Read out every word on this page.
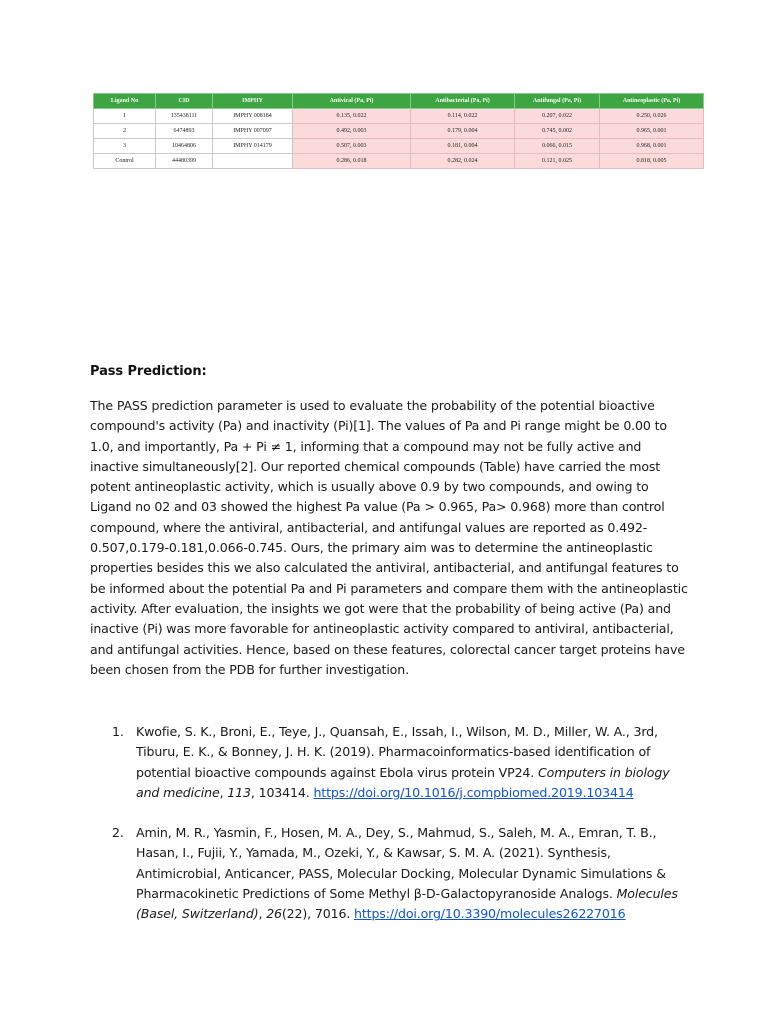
Ligand No	CID	IMPHY	Antiviral (Pa, Pi)	Antibacterial (Pa, Pi)	Antifungal (Pa, Pi)	Antineoplastic (Pa, Pi)
1	135438111	IMPHY 008184	0.135, 0.022	0.114, 0.022	0.207, 0.022	0.250, 0.026
2	6474893	IMPHY 007097	0.492, 0.003	0.179, 0.004	0.745, 0.002	0.965, 0.001
3	10464806	IMPHY 014179	0.507, 0.003	0.181, 0.004	0.066, 0.015	0.968, 0.001
Control	44480399		0.286, 0.018	0.282, 0.024	0.121, 0.025	0.818, 0.005
Pass Prediction:

The PASS prediction parameter is used to evaluate the probability of the potential bioactive compound's activity (Pa) and inactivity (Pi)[1]. The values of Pa and Pi range might be 0.00 to 1.0, and importantly, Pa + Pi ≠ 1, informing that a compound may not be fully active and inactive simultaneously[2]. Our reported chemical compounds (Table) have carried the most potent antineoplastic activity, which is usually above 0.9 by two compounds, and owing to Ligand no 02 and 03 showed the highest Pa value (Pa > 0.965, Pa> 0.968) more than control compound, where the antiviral, antibacterial, and antifungal values are reported as 0.492-0.507,0.179-0.181,0.066-0.745. Ours, the primary aim was to determine the antineoplastic properties besides this we also calculated the antiviral, antibacterial, and antifungal features to be informed about the potential Pa and Pi parameters and compare them with the antineoplastic activity. After evaluation, the insights we got were that the probability of being active (Pa) and inactive (Pi) was more favorable for antineoplastic activity compared to antiviral, antibacterial, and antifungal activities. Hence, based on these features, colorectal cancer target proteins have been chosen from the PDB for further investigation.

1. Kwofie, S. K., Broni, E., Teye, J., Quansah, E., Issah, I., Wilson, M. D., Miller, W. A., 3rd, Tiburu, E. K., & Bonney, J. H. K. (2019). Pharmacoinformatics-based identification of potential bioactive compounds against Ebola virus protein VP24. Computers in biology and medicine, 113, 103414. https://doi.org/10.1016/j.compbiomed.2019.103414
2. Amin, M. R., Yasmin, F., Hosen, M. A., Dey, S., Mahmud, S., Saleh, M. A., Emran, T. B., Hasan, I., Fujii, Y., Yamada, M., Ozeki, Y., & Kawsar, S. M. A. (2021). Synthesis, Antimicrobial, Anticancer, PASS, Molecular Docking, Molecular Dynamic Simulations & Pharmacokinetic Predictions of Some Methyl β-D-Galactopyranoside Analogs. Molecules (Basel, Switzerland), 26(22), 7016. https://doi.org/10.3390/molecules26227016
